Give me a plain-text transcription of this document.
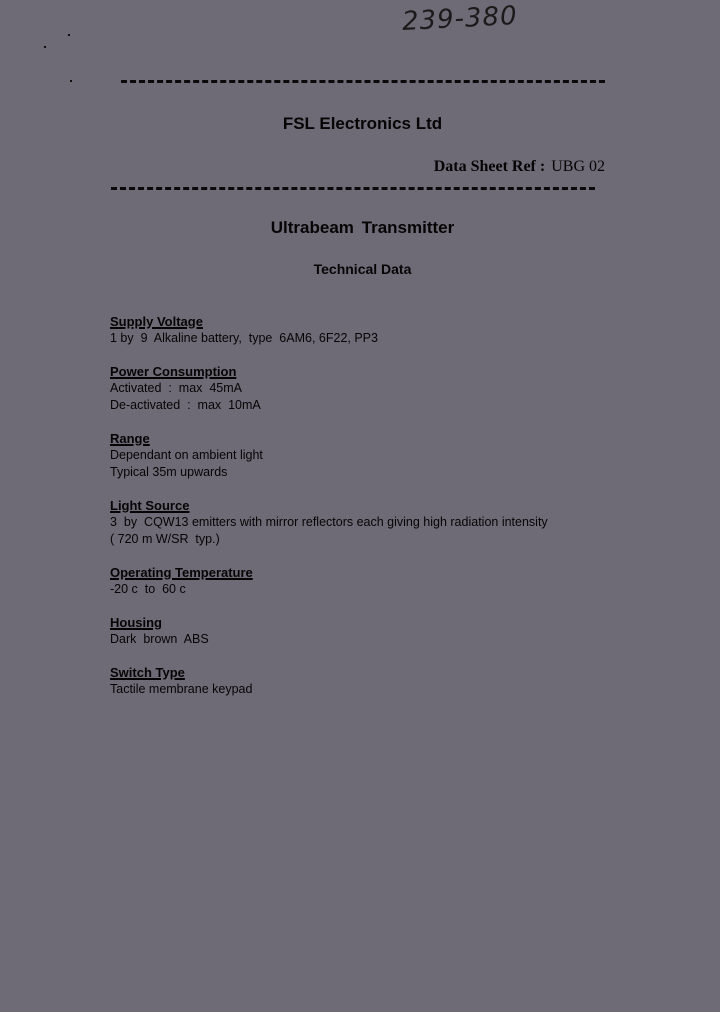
239-380
FSL Electronics Ltd
Data Sheet Ref : UBG 02
Ultrabeam Transmitter
Technical Data
Supply Voltage
1 by  9  Alkaline battery,  type  6AM6, 6F22, PP3
Power Consumption
Activated  :  max  45mA
De-activated  :  max  10mA
Range
Dependant on ambient light
Typical 35m upwards
Light Source
3  by  CQW13 emitters with mirror reflectors each giving high radiation intensity
( 720 m W/SR  typ.)
Operating Temperature
-20 c  to  60 c
Housing
Dark  brown  ABS
Switch Type
Tactile membrane keypad
